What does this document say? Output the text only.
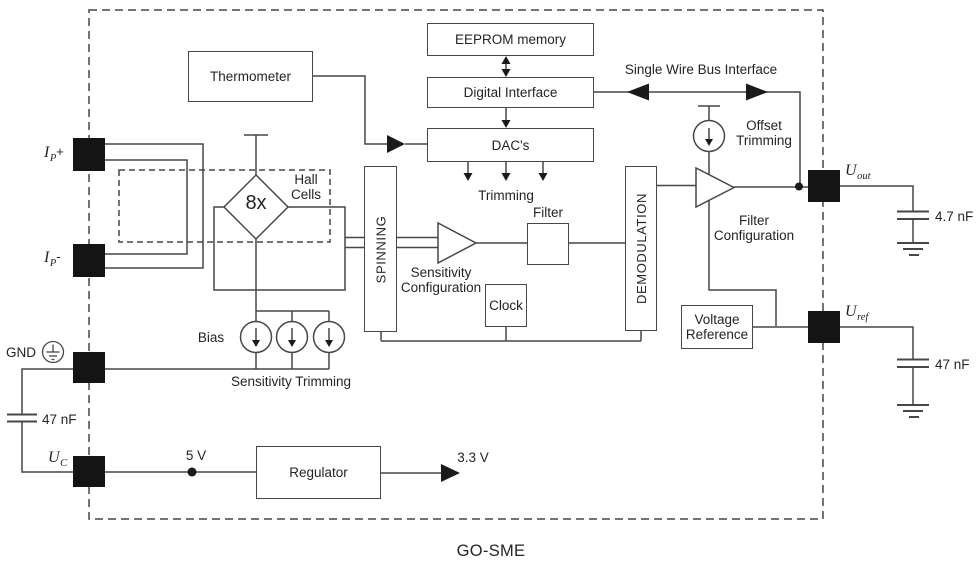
Thermometer
EEPROM memory
Digital Interface
DAC's
SPINNING	DEMODULATION
Clock
Voltage
Reference
Regulator
$I_P+$
$I_P-$
GND
$U_C$
$U_{out}$
$U_{ref}$
Hall
Cells
8x	Trimming
Bias
Sensitivity Trimming
Sensitivity
Configuration
Filter
Offset
Trimming
Filter
Configuration
Single Wire Bus Interface
5 V	3.3 V
47 nF
4.7 nF
47 nF
GO-SME
